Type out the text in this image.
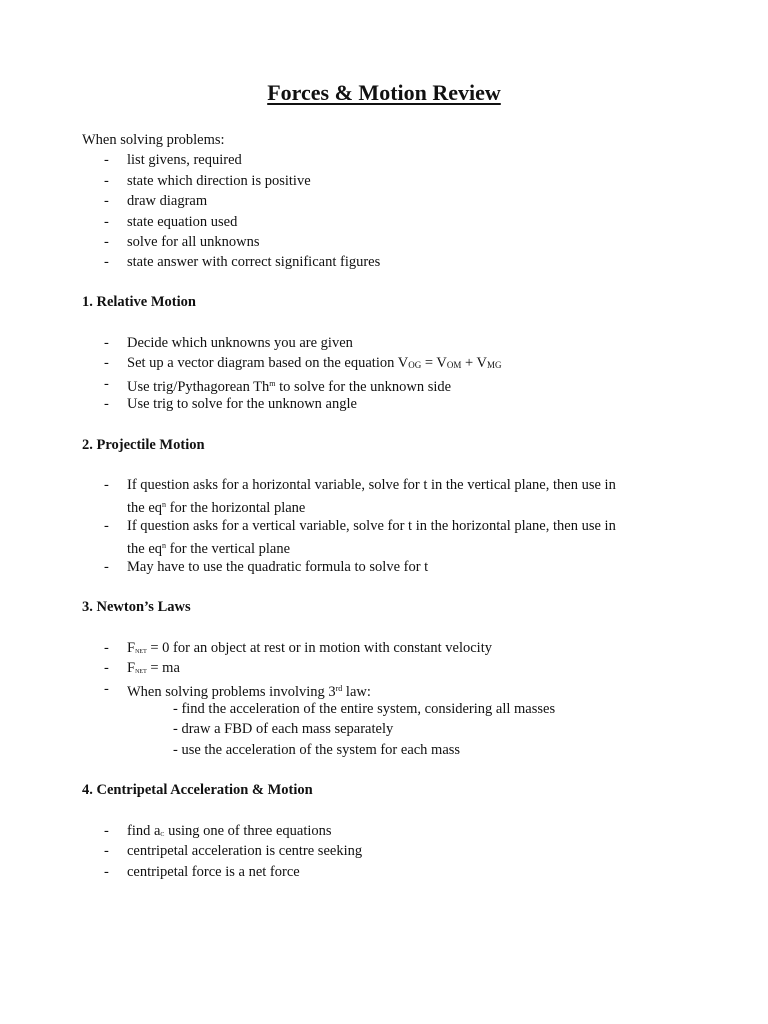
Forces & Motion Review
When solving problems:
- list givens, required
- state which direction is positive
- draw diagram
- state equation used
- solve for all unknowns
- state answer with correct significant figures
1. Relative Motion
- Decide which unknowns you are given
- Set up a vector diagram based on the equation VOG = VOM + VMG
- Use trig/Pythagorean Th$^m$ to solve for the unknown side
- Use trig to solve for the unknown angle
2. Projectile Motion
- If question asks for a horizontal variable, solve for t in the vertical plane, then use in
the $eq^n$ for the horizontal plane
- If question asks for a vertical variable, solve for t in the horizontal plane, then use in
the $eq^n$ for the vertical plane
- May have to use the quadratic formula to solve for t
3. Newton’s Laws
- Fnet = 0 for an object at rest or in motion with constant velocity
- Fnet = ma
- When solving problems involving 3rd law:
- find the acceleration of the entire system, considering all masses
- draw a FBD of each mass separately
- use the acceleration of the system for each mass
4. Centripetal Acceleration & Motion
- find ac using one of three equations
- centripetal acceleration is centre seeking
- centripetal force is a net force
